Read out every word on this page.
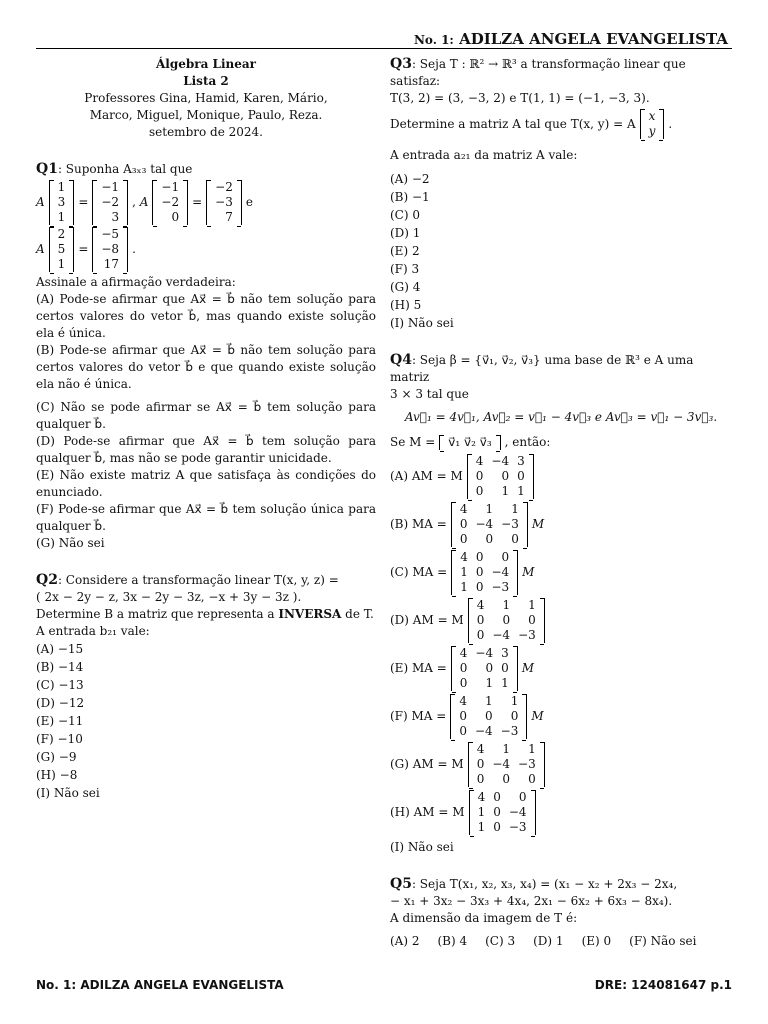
No. 1: ADILZA ANGELA EVANGELISTA
Álgebra Linear
Lista 2
Professores Gina, Hamid, Karen, Mário,
Marco, Miguel, Monique, Paulo, Reza.
setembro de 2024.
Q1: Suponha A₃ₓ₃ tal que
A
1
3
1
=
−1
−2
3
, A
−1
−2
0
=
−2
−3
7
e
A
2
5
1
=
−5
−8
17
.
Assinale a afirmação verdadeira:
(A) Pode-se afirmar que Ax⃗ = b⃗ não tem solução para certos valores do vetor b⃗, mas quando existe solução ela é única.
(B) Pode-se afirmar que Ax⃗ = b⃗ não tem solução para certos valores do vetor b⃗ e que quando existe solução ela não é única.
(C) Não se pode afirmar se Ax⃗ = b⃗ tem solução para qualquer b⃗.
(D) Pode-se afirmar que Ax⃗ = b⃗ tem solução para qualquer b⃗, mas não se pode garantir unicidade.
(E) Não existe matriz A que satisfaça às condições do enunciado.
(F) Pode-se afirmar que Ax⃗ = b⃗ tem solução única para qualquer b⃗.
(G) Não sei
Q2: Considere a transformação linear T(x, y, z) =
( 2x − 2y − z, 3x − 2y − 3z, −x + 3y − 3z ).
Determine B a matriz que representa a INVERSA de T.
A entrada b₂₁ vale:
(A) −15
(B) −14
(C) −13
(D) −12
(E) −11
(F) −10
(G) −9
(H) −8
(I) Não sei
Q3: Seja T : ℝ² → ℝ³ a transformação linear que satisfaz:
T(3, 2) = (3, −3, 2) e T(1, 1) = (−1, −3, 3).
Determine a matriz A tal que T(x, y) = A
x
y
.
A entrada a₂₁ da matriz A vale:
(A) −2
(B) −1
(C) 0
(D) 1
(E) 2
(F) 3
(G) 4
(H) 5
(I) Não sei
Q4: Seja β = {v⃗₁, v⃗₂, v⃗₃} uma base de ℝ³ e A uma matriz
3 × 3 tal que
Av⃗₁ = 4v⃗₁, Av⃗₂ = v⃗₁ − 4v⃗₃ e Av⃗₃ = v⃗₁ − 3v⃗₃.
Se M = v⃗₁ v⃗₂ v⃗₃ , então:
(A) AM = M
4	−4	3
0	0	0
0	1	1
(B) MA =
4	1	1
0	−4	−3
0	0	0
M
(C) MA =
4	0	0
1	0	−4
1	0	−3
M
(D) AM = M
4	1	1
0	0	0
0	−4	−3
(E) MA =
4	−4	3
0	0	0
0	1	1
M
(F) MA =
4	1	1
0	0	0
0	−4	−3
M
(G) AM = M
4	1	1
0	−4	−3
0	0	0
(H) AM = M
4	0	0
1	0	−4
1	0	−3
(I) Não sei
Q5: Seja T(x₁, x₂, x₃, x₄) = (x₁ − x₂ + 2x₃ − 2x₄,
− x₁ + 3x₂ − 3x₃ + 4x₄, 2x₁ − 6x₂ + 6x₃ − 8x₄).
A dimensão da imagem de T é:
(A) 2 (B) 4 (C) 3 (D) 1 (E) 0 (F) Não sei
No. 1: ADILZA ANGELA EVANGELISTA	DRE: 124081647 p.1
